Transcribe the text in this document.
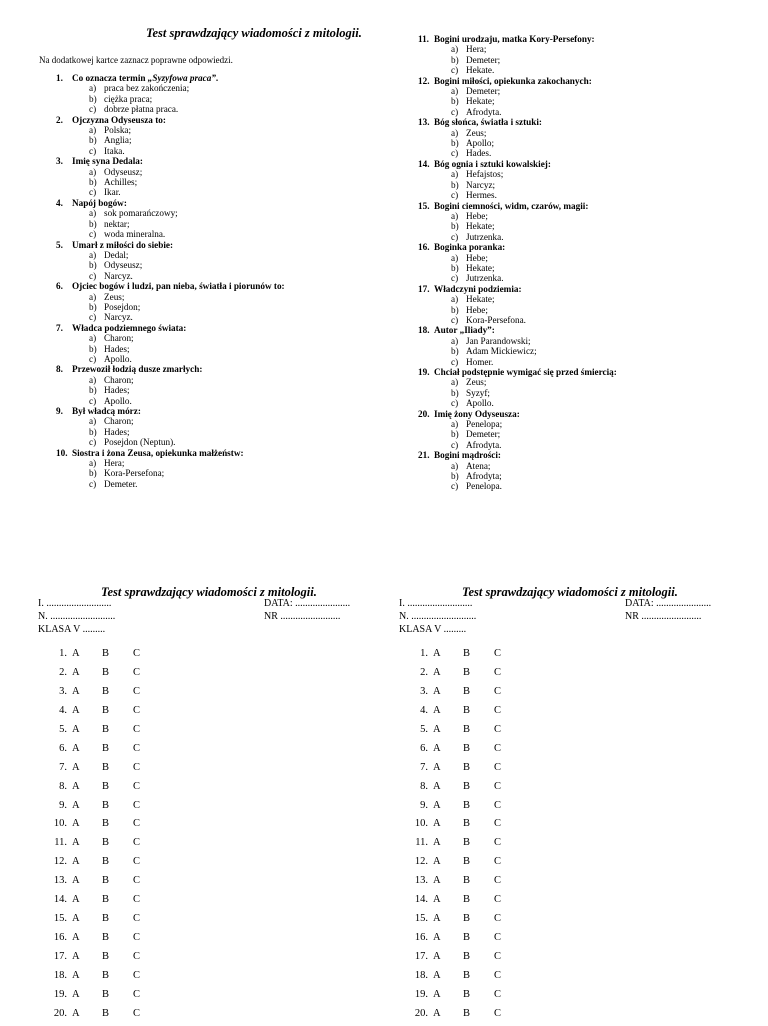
Test sprawdzający wiadomości z mitologii.
Na dodatkowej kartce zaznacz poprawne odpowiedzi.
1. Co oznacza termin „Syzyfowa praca”.
a) praca bez zakończenia;
b) ciężka praca;
c) dobrze płatna praca.
2. Ojczyzna Odyseusza to:
a) Polska;
b) Anglia;
c) Itaka.
3. Imię syna Dedala:
a) Odyseusz;
b) Achilles;
c) Ikar.
4. Napój bogów:
a) sok pomarańczowy;
b) nektar;
c) woda mineralna.
5. Umarł z miłości do siebie:
a) Dedal;
b) Odyseusz;
c) Narcyz.
6. Ojciec bogów i ludzi, pan nieba, światła i piorunów to:
a) Zeus;
b) Posejdon;
c) Narcyz.
7. Władca podziemnego świata:
a) Charon;
b) Hades;
c) Apollo.
8. Przewoził łodzią dusze zmarłych:
a) Charon;
b) Hades;
c) Apollo.
9. Był władcą mórz:
a) Charon;
b) Hades;
c) Posejdon (Neptun).
10. Siostra i żona Zeusa, opiekunka małżeństw:
a) Hera;
b) Kora-Persefona;
c) Demeter.
11. Bogini urodzaju, matka Kory-Persefony:
a) Hera;
b) Demeter;
c) Hekate.
12. Bogini miłości, opiekunka zakochanych:
a) Demeter;
b) Hekate;
c) Afrodyta.
13. Bóg słońca, światła i sztuki:
a) Zeus;
b) Apollo;
c) Hades.
14. Bóg ognia i sztuki kowalskiej:
a) Hefajstos;
b) Narcyz;
c) Hermes.
15. Bogini ciemności, widm, czarów, magii:
a) Hebe;
b) Hekate;
c) Jutrzenka.
16. Boginka poranka:
a) Hebe;
b) Hekate;
c) Jutrzenka.
17. Władczyni podziemia:
a) Hekate;
b) Hebe;
c) Kora-Persefona.
18. Autor „Iliady”:
a) Jan Parandowski;
b) Adam Mickiewicz;
c) Homer.
19. Chciał podstępnie wymigać się przed śmiercią:
a) Zeus;
b) Syzyf;
c) Apollo.
20. Imię żony Odyseusza:
a) Penelopa;
b) Demeter;
c) Afrodyta.
21. Bogini mądrości:
a) Atena;
b) Afrodyta;
c) Penelopa.
Test sprawdzający wiadomości z mitologii.
I. ..........................
N. ..........................
KLASA V .........
DATA: ......................
NR ........................
1. A B C
2. A B C
3. A B C
4. A B C
5. A B C
6. A B C
7. A B C
8. A B C
9. A B C
10. A B C
11. A B C
12. A B C
13. A B C
14. A B C
15. A B C
16. A B C
17. A B C
18. A B C
19. A B C
20. A B C
Test sprawdzający wiadomości z mitologii.
I. ..........................
N. ..........................
KLASA V .........
DATA: ......................
NR ........................
1. A B C
2. A B C
3. A B C
4. A B C
5. A B C
6. A B C
7. A B C
8. A B C
9. A B C
10. A B C
11. A B C
12. A B C
13. A B C
14. A B C
15. A B C
16. A B C
17. A B C
18. A B C
19. A B C
20. A B C
